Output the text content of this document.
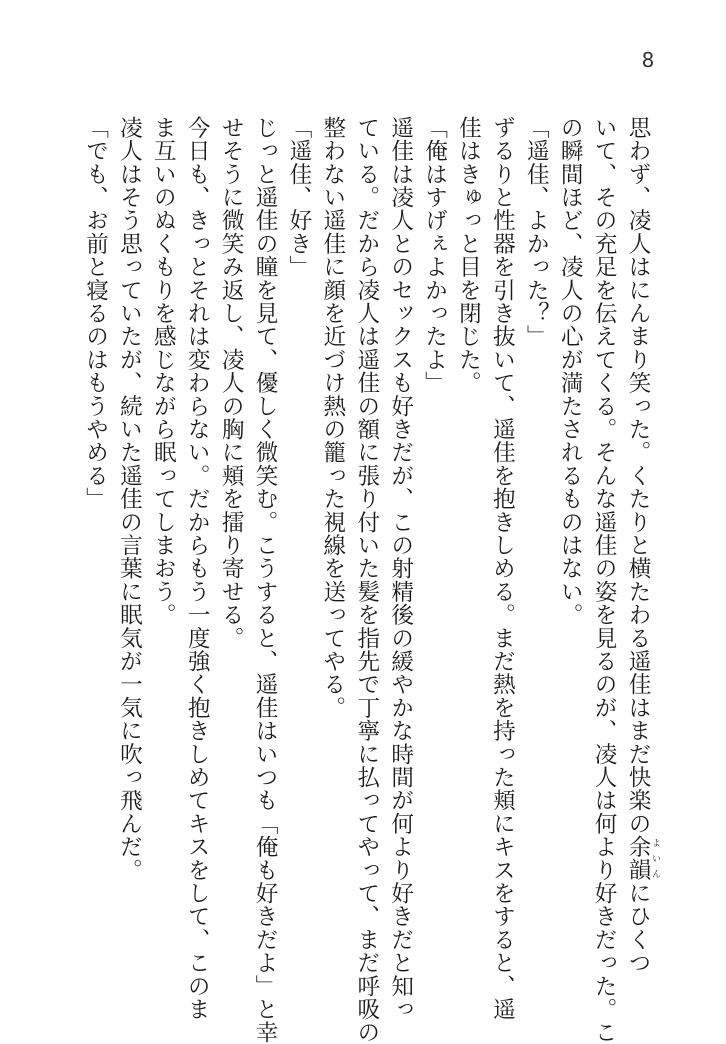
8
思わず、凌人はにんまり笑った。くたりと横たわる遥佳はまだ快楽の余韻 よいんにひくつ
いて、その充足を伝えてくる。そんな遥佳の姿を見るのが、凌人は何より好きだった。こ
の瞬間ほど、凌人の心が満たされるものはない。
「遥佳、よかった？」
ずるりと性器を引き抜いて、遥佳を抱きしめる。まだ熱を持った頬にキスをすると、遥
佳はきゅっと目を閉じた。
「俺はすげぇよかったよ」
遥佳は凌人とのセックスも好きだが、この射精後の緩やかな時間が何より好きだと知っ
ている。だから凌人は遥佳の額に張り付いた髪を指先で丁寧に払ってやって、まだ呼吸の
整わない遥佳に顔を近づけ熱の籠った視線を送ってやる。
「遥佳、好き」
じっと遥佳の瞳を見て、優しく微笑む。こうすると、遥佳はいつも「俺も好きだよ」と幸
せそうに微笑み返し、凌人の胸に頬を擂り寄せる。
今日も、きっとそれは変わらない。だからもう一度強く抱きしめてキスをして、このま
ま互いのぬくもりを感じながら眠ってしまおう。
凌人はそう思っていたが、続いた遥佳の言葉に眠気が一気に吹っ飛んだ。
「でも、お前と寝るのはもうやめる」
